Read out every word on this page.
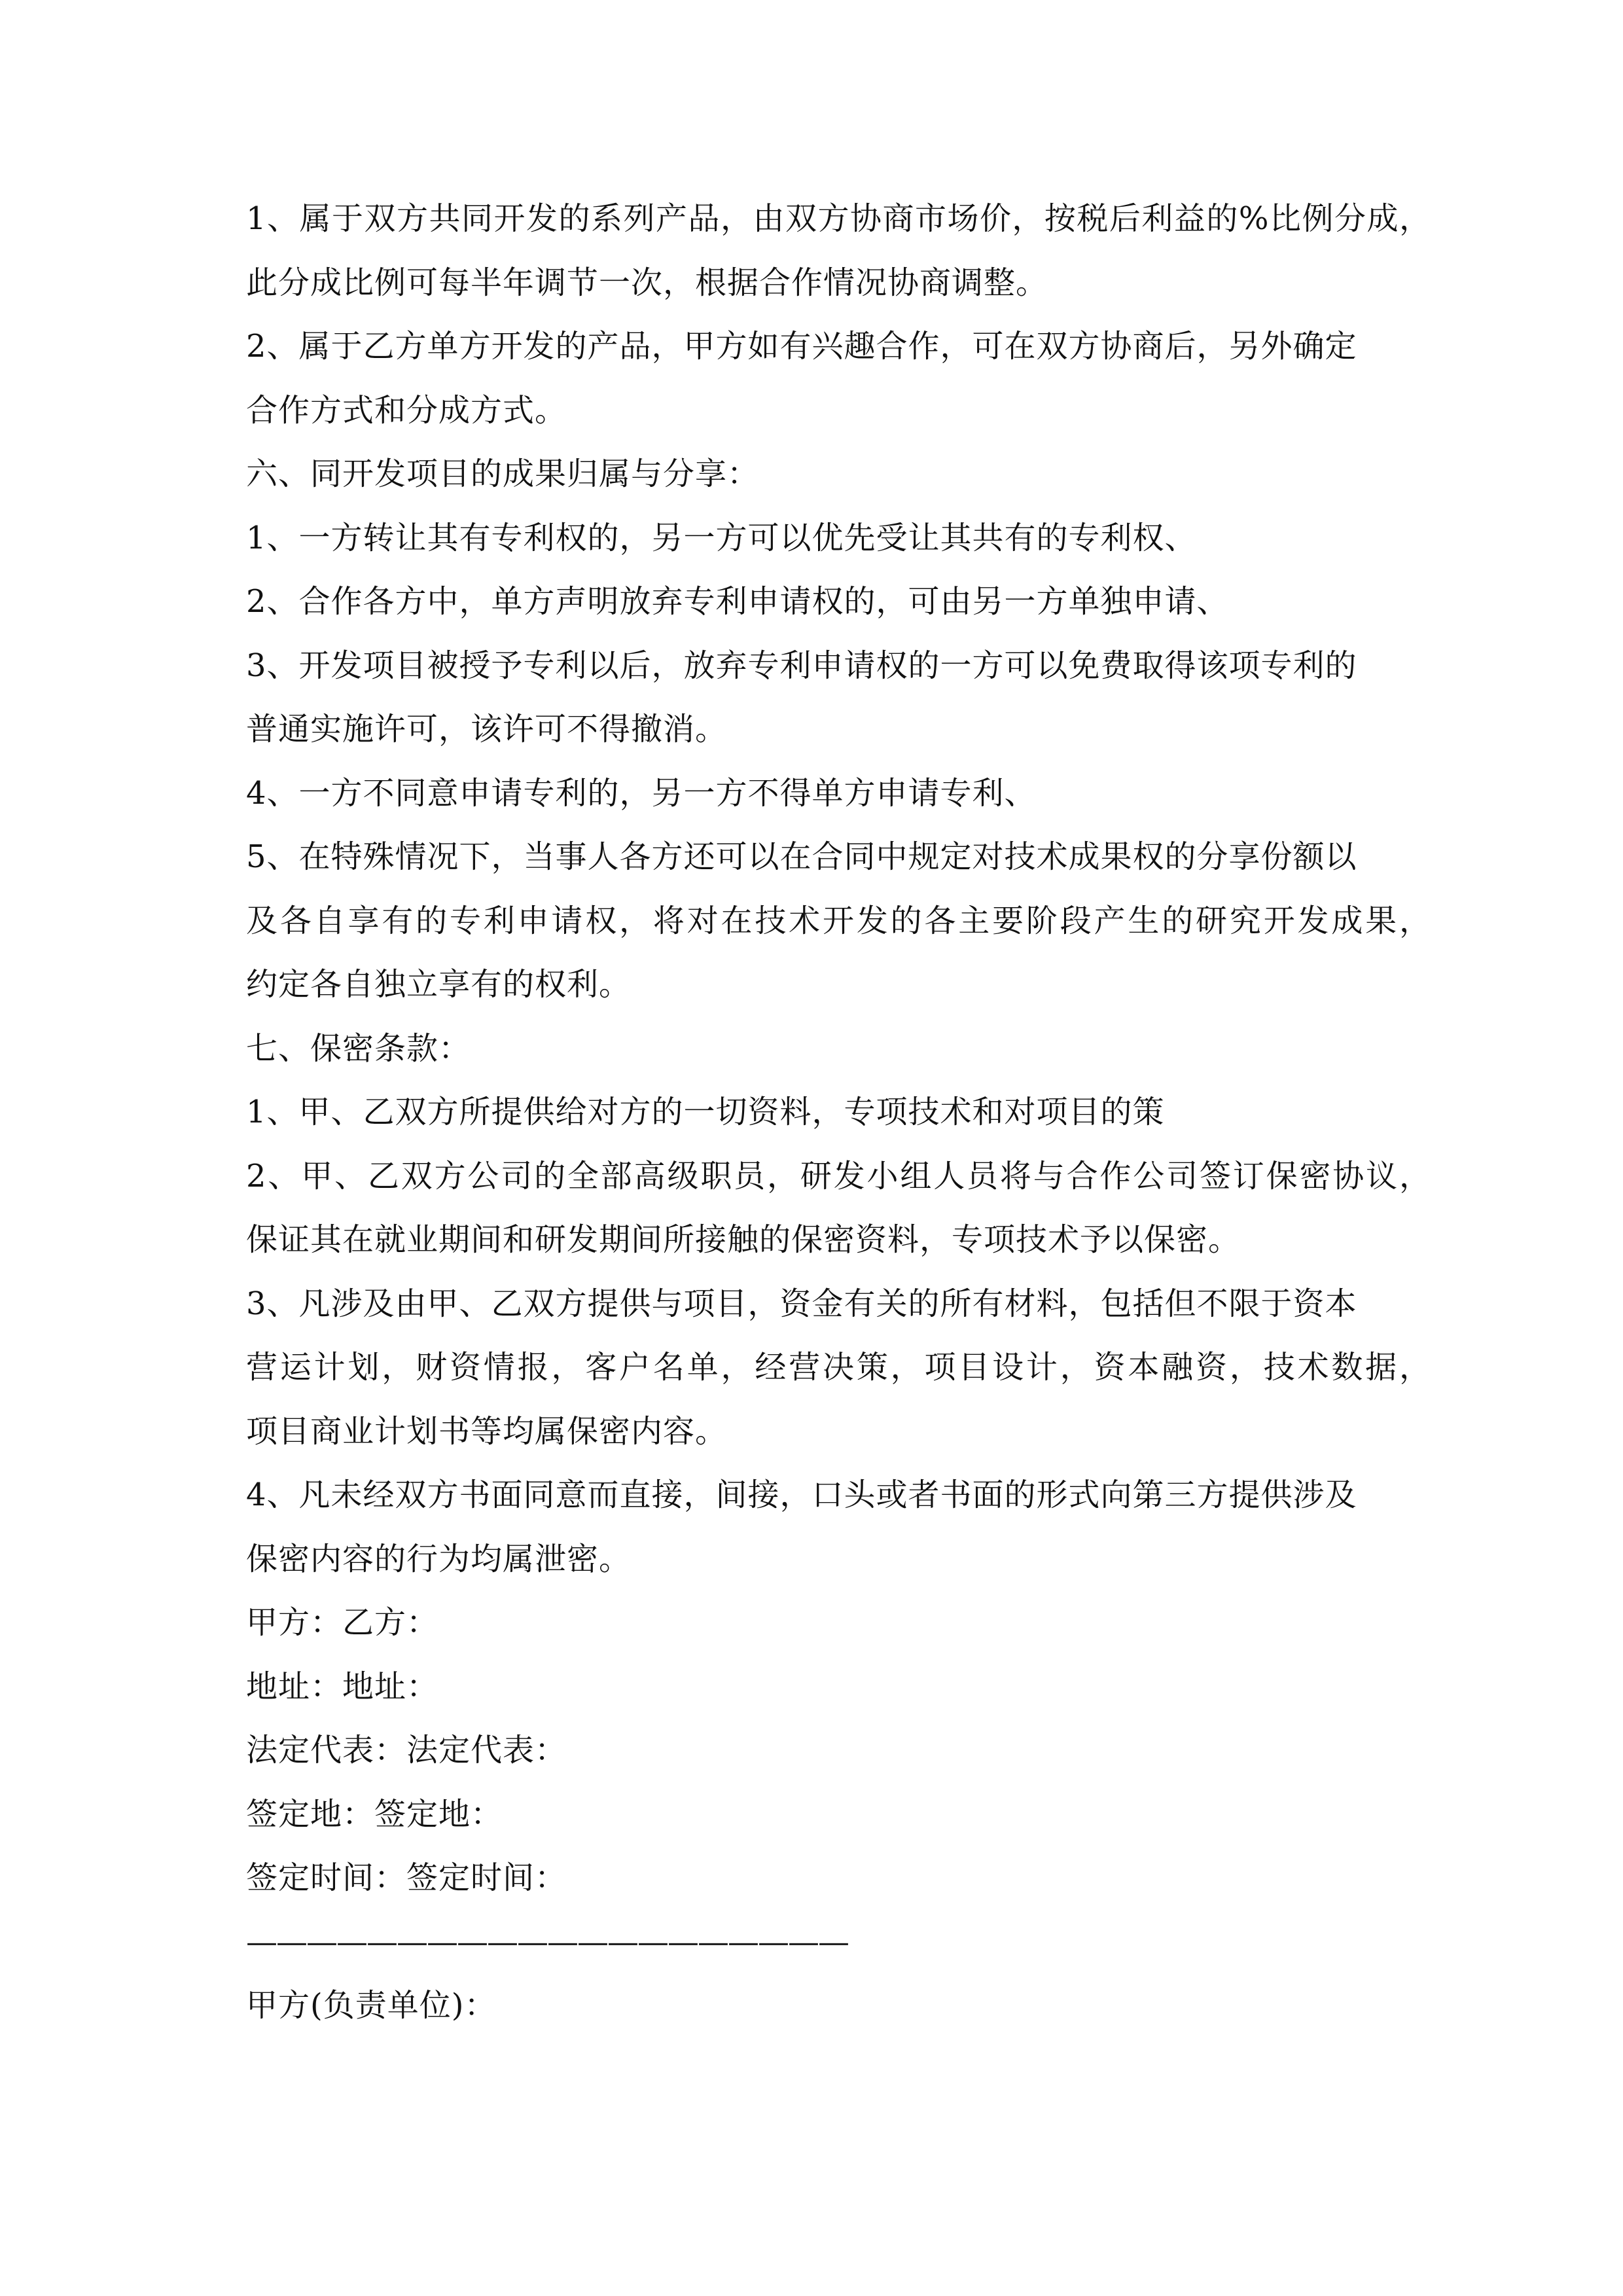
1、属于双方共同开发的系列产品，由双方协商市场价，按税后利益的%比例分成，
此分成比例可每半年调节一次，根据合作情况协商调整。
2、属于乙方单方开发的产品，甲方如有兴趣合作，可在双方协商后，另外确定
合作方式和分成方式。
六、同开发项目的成果归属与分享：
1、一方转让其有专利权的，另一方可以优先受让其共有的专利权、
2、合作各方中，单方声明放弃专利申请权的，可由另一方单独申请、
3、开发项目被授予专利以后，放弃专利申请权的一方可以免费取得该项专利的
普通实施许可，该许可不得撤消。
4、一方不同意申请专利的，另一方不得单方申请专利、
5、在特殊情况下，当事人各方还可以在合同中规定对技术成果权的分享份额以
及各自享有的专利申请权，将对在技术开发的各主要阶段产生的研究开发成果，
约定各自独立享有的权利。
七、保密条款：
1、甲、乙双方所提供给对方的一切资料，专项技术和对项目的策
2、甲、乙双方公司的全部高级职员，研发小组人员将与合作公司签订保密协议，
保证其在就业期间和研发期间所接触的保密资料，专项技术予以保密。
3、凡涉及由甲、乙双方提供与项目，资金有关的所有材料，包括但不限于资本
营运计划，财资情报，客户名单，经营决策，项目设计，资本融资，技术数据，
项目商业计划书等均属保密内容。
4、凡未经双方书面同意而直接，间接，口头或者书面的形式向第三方提供涉及
保密内容的行为均属泄密。
甲方：乙方：
地址：地址：
法定代表：法定代表：
签定地：签定地：
签定时间：签定时间：
————————————————————
甲方(负责单位)：
